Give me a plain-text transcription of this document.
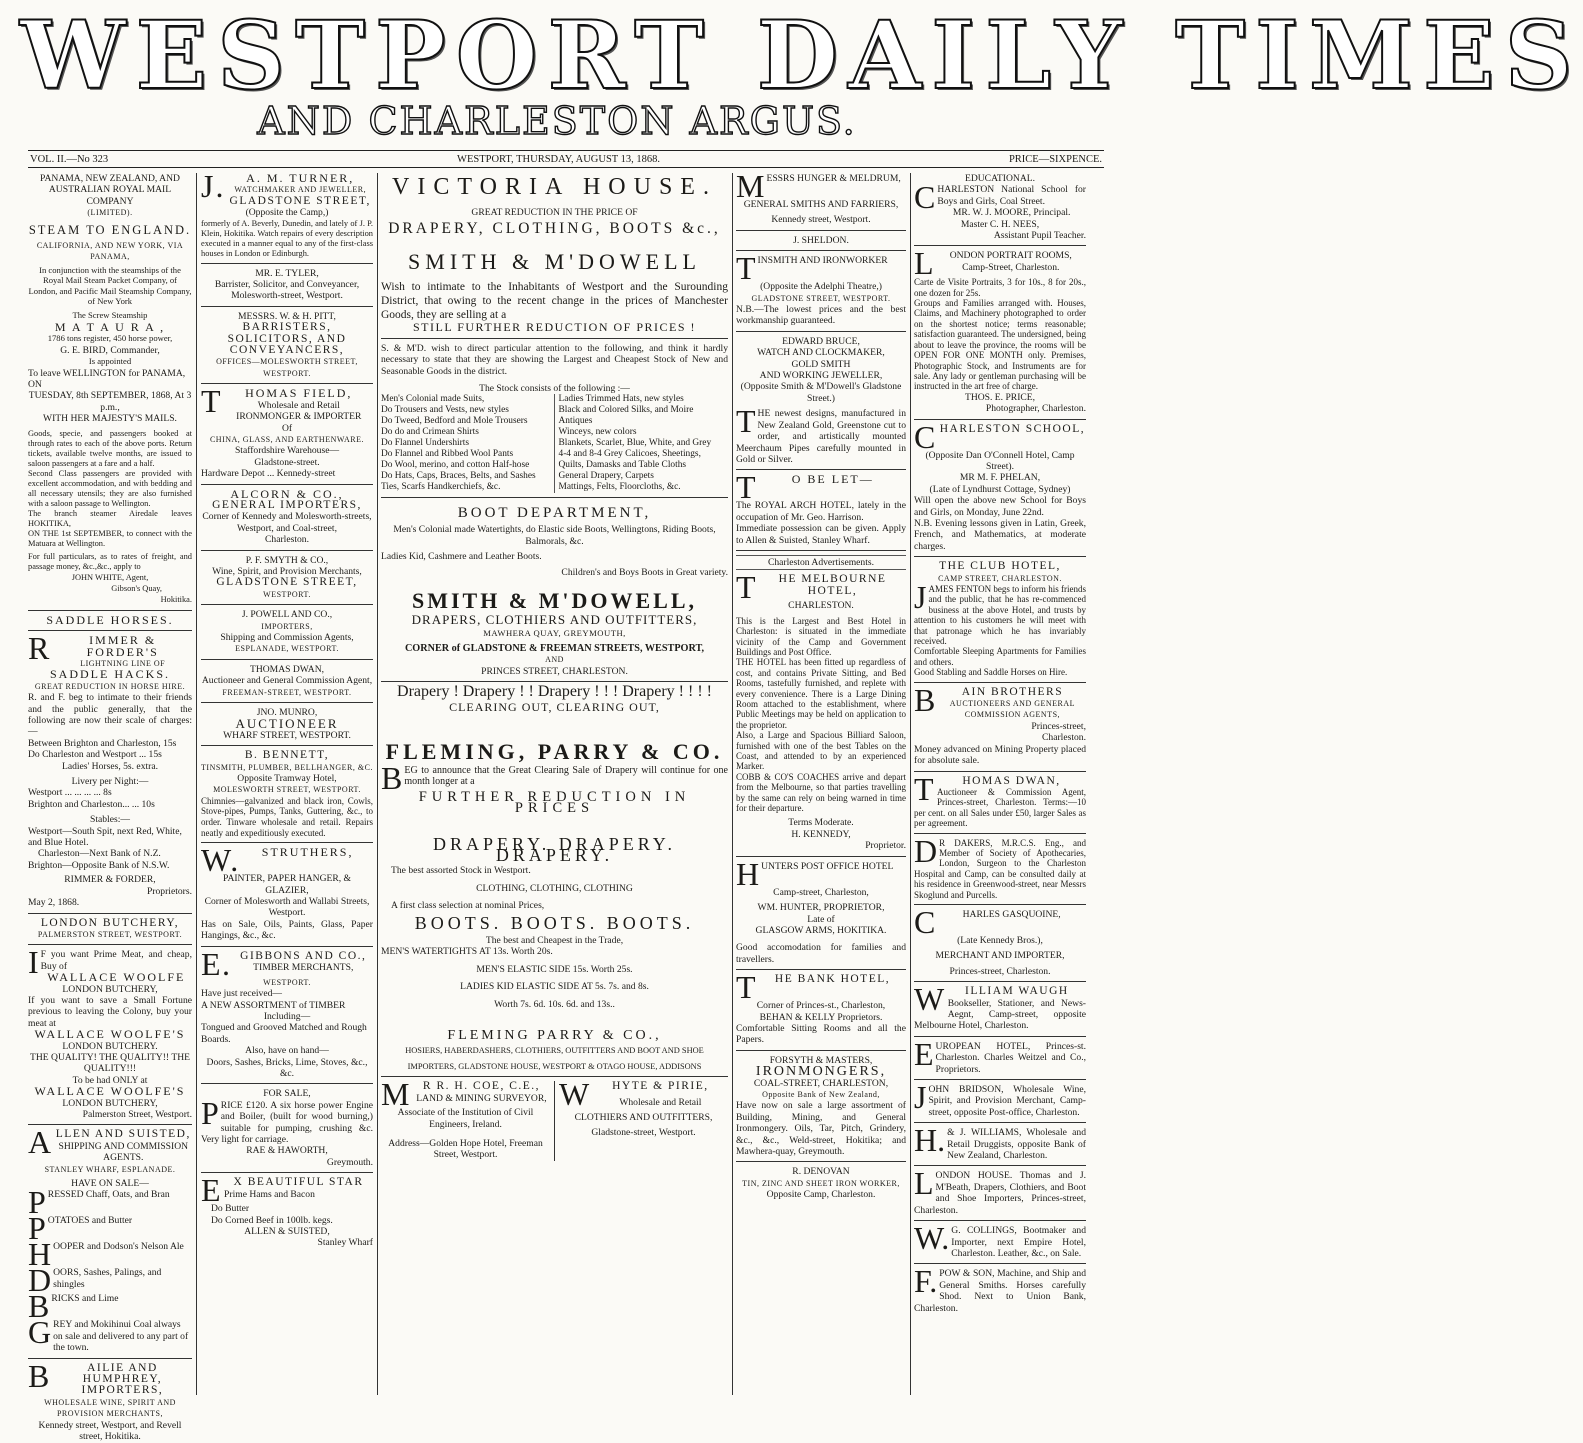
WESTPORT DAILY TIMES
AND CHARLESTON ARGUS.
VOL. II.—No 323	WESTPORT, THURSDAY, AUGUST 13, 1868.	PRICE—SIXPENCE.
PANAMA, NEW ZEALAND, AND AUSTRALIAN ROYAL MAIL COMPANY
(LIMITED).
STEAM TO ENGLAND.
CALIFORNIA, AND NEW YORK, VIA PANAMA,
In conjunction with the steamships of the Royal Mail Steam Packet Company, of London, and Pacific Mail Steamship Company, of New York
The Screw Steamship
M A T A U R A ,
1786 tons register, 450 horse power,
G. E. BIRD, Commander,
Is appointed
To leave WELLINGTON for PANAMA, ON
TUESDAY, 8th SEPTEMBER, 1868, At 3 p.m.,
WITH HER MAJESTY'S MAILS.
Goods, specie, and passengers booked at through rates to each of the above ports. Return tickets, available twelve months, are issued to saloon passengers at a fare and a half.
Second Class passengers are provided with excellent accommodation, and with bedding and all necessary utensils; they are also furnished with a saloon passage to Wellington.
The branch steamer Airedale leaves HOKITIKA,
ON THE 1st SEPTEMBER, to connect with the Matuara at Wellington.
For full particulars, as to rates of freight, and passage money, &c.,&c., apply to
JOHN WHITE, Agent,
Gibson's Quay,
Hokitika.
SADDLE HORSES.
RIMMER & FORDER'S
LIGHTNING LINE OF
SADDLE HACKS.
GREAT REDUCTION IN HORSE HIRE.
R. and F. beg to intimate to their friends and the public generally, that the following are now their scale of charges:—
Between Brighton and Charleston, 15s
Do Charleston and Westport ... 15s
Ladies' Horses, 5s. extra.
Livery per Night:—
Westport ... ... ... ... 8s
Brighton and Charleston... ... 10s
Stables:—
Westport—South Spit, next Red, White, and Blue Hotel.
Charleston—Next Bank of N.Z.
Brighton—Opposite Bank of N.S.W.
RIMMER & FORDER,
Proprietors.
May 2, 1868.
LONDON BUTCHERY,
PALMERSTON STREET, WESTPORT.
IF you want Prime Meat, and cheap, Buy of
WALLACE WOOLFE
LONDON BUTCHERY,
If you want to save a Small Fortune previous to leaving the Colony, buy your meat at
WALLACE WOOLFE'S
LONDON BUTCHERY.
THE QUALITY! THE QUALITY!! THE QUALITY!!!
To be had ONLY at
WALLACE WOOLFE'S
LONDON BUTCHERY,
Palmerston Street, Westport.
ALLEN AND SUISTED,
SHIPPING AND COMMISSION AGENTS.
STANLEY WHARF, ESPLANADE.
HAVE ON SALE—
PRESSED Chaff, Oats, and Bran
POTATOES and Butter
HOOPER and Dodson's Nelson Ale
DOORS, Sashes, Palings, and shingles
BRICKS and Lime
GREY and Mokihinui Coal always on sale and delivered to any part of the town.
BAILIE AND HUMPHREY, IMPORTERS,
WHOLESALE WINE, SPIRIT AND PROVISION MERCHANTS,
Kennedy street, Westport, and Revell street, Hokitika.
J.A. M. TURNER,
WATCHMAKER AND JEWELLER,
GLADSTONE STREET,
(Opposite the Camp,)
formerly of A. Beverly, Dunedin, and lately of J. P. Klein, Hokitika. Watch repairs of every description executed in a manner equal to any of the first-class houses in London or Edinburgh.
MR. E. TYLER,
Barrister, Solicitor, and Conveyancer,
Molesworth-street, Westport.
MESSRS. W. & H. PITT,
BARRISTERS, SOLICITORS, AND CONVEYANCERS,
OFFICES—MOLESWORTH STREET, WESTPORT.
THOMAS FIELD,
Wholesale and Retail
IRONMONGER & IMPORTER
Of
CHINA, GLASS, AND EARTHENWARE.
Staffordshire Warehouse—
Gladstone-street.
Hardware Depot ... Kennedy-street
ALCORN & CO.,
GENERAL IMPORTERS,
Corner of Kennedy and Molesworth-streets, Westport, and Coal-street,
Charleston.
P. F. SMYTH & CO.,
Wine, Spirit, and Provision Merchants,
GLADSTONE STREET,
WESTPORT.
J. POWELL AND CO.,
IMPORTERS,
Shipping and Commission Agents,
ESPLANADE, WESTPORT.
THOMAS DWAN,
Auctioneer and General Commission Agent,
FREEMAN-STREET, WESTPORT.
JNO. MUNRO,
AUCTIONEER
WHARF STREET, WESTPORT.
B. BENNETT,
TINSMITH, PLUMBER, BELLHANGER, &C.
Opposite Tramway Hotel,
MOLESWORTH STREET, WESTPORT.
Chimnies—galvanized and black iron, Cowls, Stove-pipes, Pumps, Tanks, Guttering, &c., to order. Tinware wholesale and retail. Repairs neatly and expeditiously executed.
W.STRUTHERS,
PAINTER, PAPER HANGER, & GLAZIER,
Corner of Molesworth and Wallabi Streets, Westport.
Has on Sale, Oils, Paints, Glass, Paper Hangings, &c., &c.
E.GIBBONS AND CO.,
TIMBER MERCHANTS,
WESTPORT.
Have just received—
A NEW ASSORTMENT of TIMBER
Including—
Tongued and Grooved Matched and Rough Boards.
Also, have on hand—
Doors, Sashes, Bricks, Lime, Stoves, &c., &c.
FOR SALE,
PRICE £120. A six horse power Engine and Boiler, (built for wood burning,) suitable for pumping, crushing &c. Very light for carriage.
RAE & HAWORTH,
Greymouth.
EX BEAUTIFUL STAR
Prime Hams and Bacon
Do Butter
Do Corned Beef in 100lb. kegs.
ALLEN & SUISTED,
Stanley Wharf
VICTORIA HOUSE.
GREAT REDUCTION IN THE PRICE OF
DRAPERY, CLOTHING, BOOTS &c.,
SMITH & M'DOWELL
Wish to intimate to the Inhabitants of Westport and the Surounding District, that owing to the recent change in the prices of Manchester Goods, they are selling at a
STILL FURTHER REDUCTION OF PRICES !
S. & M'D. wish to direct particular attention to the following, and think it hardly necessary to state that they are showing the Largest and Cheapest Stock of New and Seasonable Goods in the district.
The Stock consists of the following :—
Men's Colonial made Suits,
Do Trousers and Vests, new styles
Do Tweed, Bedford and Mole Trousers
Do do and Crimean Shirts
Do Flannel Undershirts
Do Flannel and Ribbed Wool Pants
Do Wool, merino, and cotton Half-hose
Do Hats, Caps, Braces, Belts, and Sashes
Ties, Scarfs Handkerchiefs, &c.
Ladies Trimmed Hats, new styles
Black and Colored Silks, and Moire Antiques
Winceys, new colors
Blankets, Scarlet, Blue, White, and Grey
4-4 and 8-4 Grey Calicoes, Sheetings,
Quilts, Damasks and Table Cloths
General Drapery, Carpets
Mattings, Felts, Floorcloths, &c.
BOOT DEPARTMENT,
Men's Colonial made Watertights, do Elastic side Boots, Wellingtons, Riding Boots, Balmorals, &c.
Ladies Kid, Cashmere and Leather Boots.
Children's and Boys Boots in Great variety.
SMITH & M'DOWELL,
DRAPERS, CLOTHIERS AND OUTFITTERS,
MAWHERA QUAY, GREYMOUTH,
CORNER of GLADSTONE & FREEMAN STREETS, WESTPORT,
AND
PRINCES STREET, CHARLESTON.
Drapery ! Drapery ! ! Drapery ! ! ! Drapery ! ! ! !
CLEARING OUT, CLEARING OUT,
FLEMING, PARRY & CO.
BEG to announce that the Great Clearing Sale of Drapery will continue for one month longer at a
FURTHER REDUCTION IN PRICES
DRAPERY. DRAPERY. DRAPERY.
The best assorted Stock in Westport.
CLOTHING, CLOTHING, CLOTHING
A first class selection at nominal Prices,
BOOTS. BOOTS. BOOTS.
The best and Cheapest in the Trade,
MEN'S WATERTIGHTS AT 13s. Worth 20s.
MEN'S ELASTIC SIDE 15s. Worth 25s.
LADIES KID ELASTIC SIDE AT 5s. 7s. and 8s.
Worth 7s. 6d. 10s. 6d. and 13s..
FLEMING PARRY & CO.,
HOSIERS, HABERDASHERS, CLOTHIERS, OUTFITTERS AND BOOT AND SHOE
IMPORTERS, GLADSTONE HOUSE, WESTPORT & OTAGO HOUSE, ADDISONS
MR R. H. COE, C.E.,
LAND & MINING SURVEYOR,
Associate of the Institution of Civil Engineers, Ireland.
Address—Golden Hope Hotel, Freeman Street, Westport.
WHYTE & PIRIE,
Wholesale and Retail
CLOTHIERS AND OUTFITTERS,
Gladstone-street, Westport.
MESSRS HUNGER & MELDRUM,
GENERAL SMITHS AND FARRIERS,
Kennedy street, Westport.
J. SHELDON.
TINSMITH AND IRONWORKER
(Opposite the Adelphi Theatre,)
GLADSTONE STREET, WESTPORT.
N.B.—The lowest prices and the best workmanship guaranteed.
EDWARD BRUCE,
WATCH AND CLOCKMAKER,
GOLD SMITH
AND WORKING JEWELLER,
(Opposite Smith & M'Dowell's Gladstone Street.)
THE newest designs, manufactured in New Zealand Gold, Greenstone cut to order, and artistically mounted Meerchaum Pipes carefully mounted in Gold or Silver.
TO BE LET—
The ROYAL ARCH HOTEL, lately in the occupation of Mr. Geo. Harrison.
Immediate possession can be given. Apply to Allen & Suisted, Stanley Wharf.
Charleston Advertisements.
THE MELBOURNE HOTEL,
CHARLESTON.
This is the Largest and Best Hotel in Charleston: is situated in the immediate vicinity of the Camp and Government Buildings and Post Office.
THE HOTEL has been fitted up regardless of cost, and contains Private Sitting, and Bed Rooms, tastefully furnished, and replete with every convenience. There is a Large Dining Room attached to the establishment, where Public Meetings may be held on application to the proprietor.
Also, a Large and Spacious Billiard Saloon, furnished with one of the best Tables on the Coast, and attended to by an experienced Marker.
COBB & CO'S COACHES arrive and depart from the Melbourne, so that parties travelling by the same can rely on being warned in time for their departure.
Terms Moderate.
H. KENNEDY,
Proprietor.
HUNTERS POST OFFICE HOTEL
Camp-street, Charleston,
WM. HUNTER, PROPRIETOR,
Late of
GLASGOW ARMS, HOKITIKA.
Good accomodation for families and travellers.
THE BANK HOTEL,
Corner of Princes-st., Charleston,
BEHAN & KELLY Proprietors.
Comfortable Sitting Rooms and all the Papers.
FORSYTH & MASTERS,
IRONMONGERS,
COAL-STREET, CHARLESTON,
Opposite Bank of New Zealand,
Have now on sale a large assortment of Building, Mining, and General Ironmongery. Oils, Tar, Pitch, Grindery, &c., &c., Weld-street, Hokitika; and Mawhera-quay, Greymouth.
R. DENOVAN
TIN, ZINC AND SHEET IRON WORKER,
Opposite Camp, Charleston.
EDUCATIONAL.
CHARLESTON National School for Boys and Girls, Coal Street.
MR. W. J. MOORE, Principal.
Master C. H. NEES,
Assistant Pupil Teacher.
LONDON PORTRAIT ROOMS,
Camp-Street, Charleston.
Carte de Visite Portraits, 3 for 10s., 8 for 20s., one dozen for 25s.
Groups and Families arranged with. Houses, Claims, and Machinery photographed to order on the shortest notice; terms reasonable; satisfaction guaranteed. The undersigned, being about to leave the province, the rooms will be OPEN FOR ONE MONTH only. Premises, Photographic Stock, and Instruments are for sale. Any lady or gentleman purchasing will be instructed in the art free of charge.
THOS. E. PRICE,
Photographer, Charleston.
CHARLESTON SCHOOL,
(Opposite Dan O'Connell Hotel, Camp Street).
MR M. F. PHELAN,
(Late of Lyndhurst Cottage, Sydney)
Will open the above new School for Boys and Girls, on Monday, June 22nd.
N.B. Evening lessons given in Latin, Greek, French, and Mathematics, at moderate charges.
THE CLUB HOTEL,
CAMP STREET, CHARLESTON.
JAMES FENTON begs to inform his friends and the public, that he has re-commenced business at the above Hotel, and trusts by attention to his customers he will meet with that patronage which he has invariably received.
Comfortable Sleeping Apartments for Families and others.
Good Stabling and Saddle Horses on Hire.
BAIN BROTHERS
AUCTIONEERS AND GENERAL COMMISSION AGENTS,
Princes-street,
Charleston.
Money advanced on Mining Property placed for absolute sale.
THOMAS DWAN,
Auctioneer & Commission Agent, Princes-street, Charleston. Terms:—10 per cent. on all Sales under £50, larger Sales as per agreement.
DR DAKERS, M.R.C.S. Eng., and Member of Society of Apothecaries, London, Surgeon to the Charleston Hospital and Camp, can be consulted daily at his residence in Greenwood-street, near Messrs Skoglund and Purcells.
CHARLES GASQUOINE,
(Late Kennedy Bros.),
MERCHANT AND IMPORTER,
Princes-street, Charleston.
WILLIAM WAUGH
Bookseller, Stationer, and News-Aegnt, Camp-street, opposite Melbourne Hotel, Charleston.
EUROPEAN HOTEL, Princes-st. Charleston. Charles Weitzel and Co., Proprietors.
JOHN BRIDSON, Wholesale Wine, Spirit, and Provision Merchant, Camp-street, opposite Post-office, Charleston.
H.& J. WILLIAMS, Wholesale and Retail Druggists, opposite Bank of New Zealand, Charleston.
LONDON HOUSE. Thomas and J. M'Beath, Drapers, Clothiers, and Boot and Shoe Importers, Princes-street, Charleston.
W.G. COLLINGS, Bootmaker and Importer, next Empire Hotel, Charleston. Leather, &c., on Sale.
F.POW & SON, Machine, and Ship and General Smiths. Horses carefully Shod. Next to Union Bank, Charleston.
